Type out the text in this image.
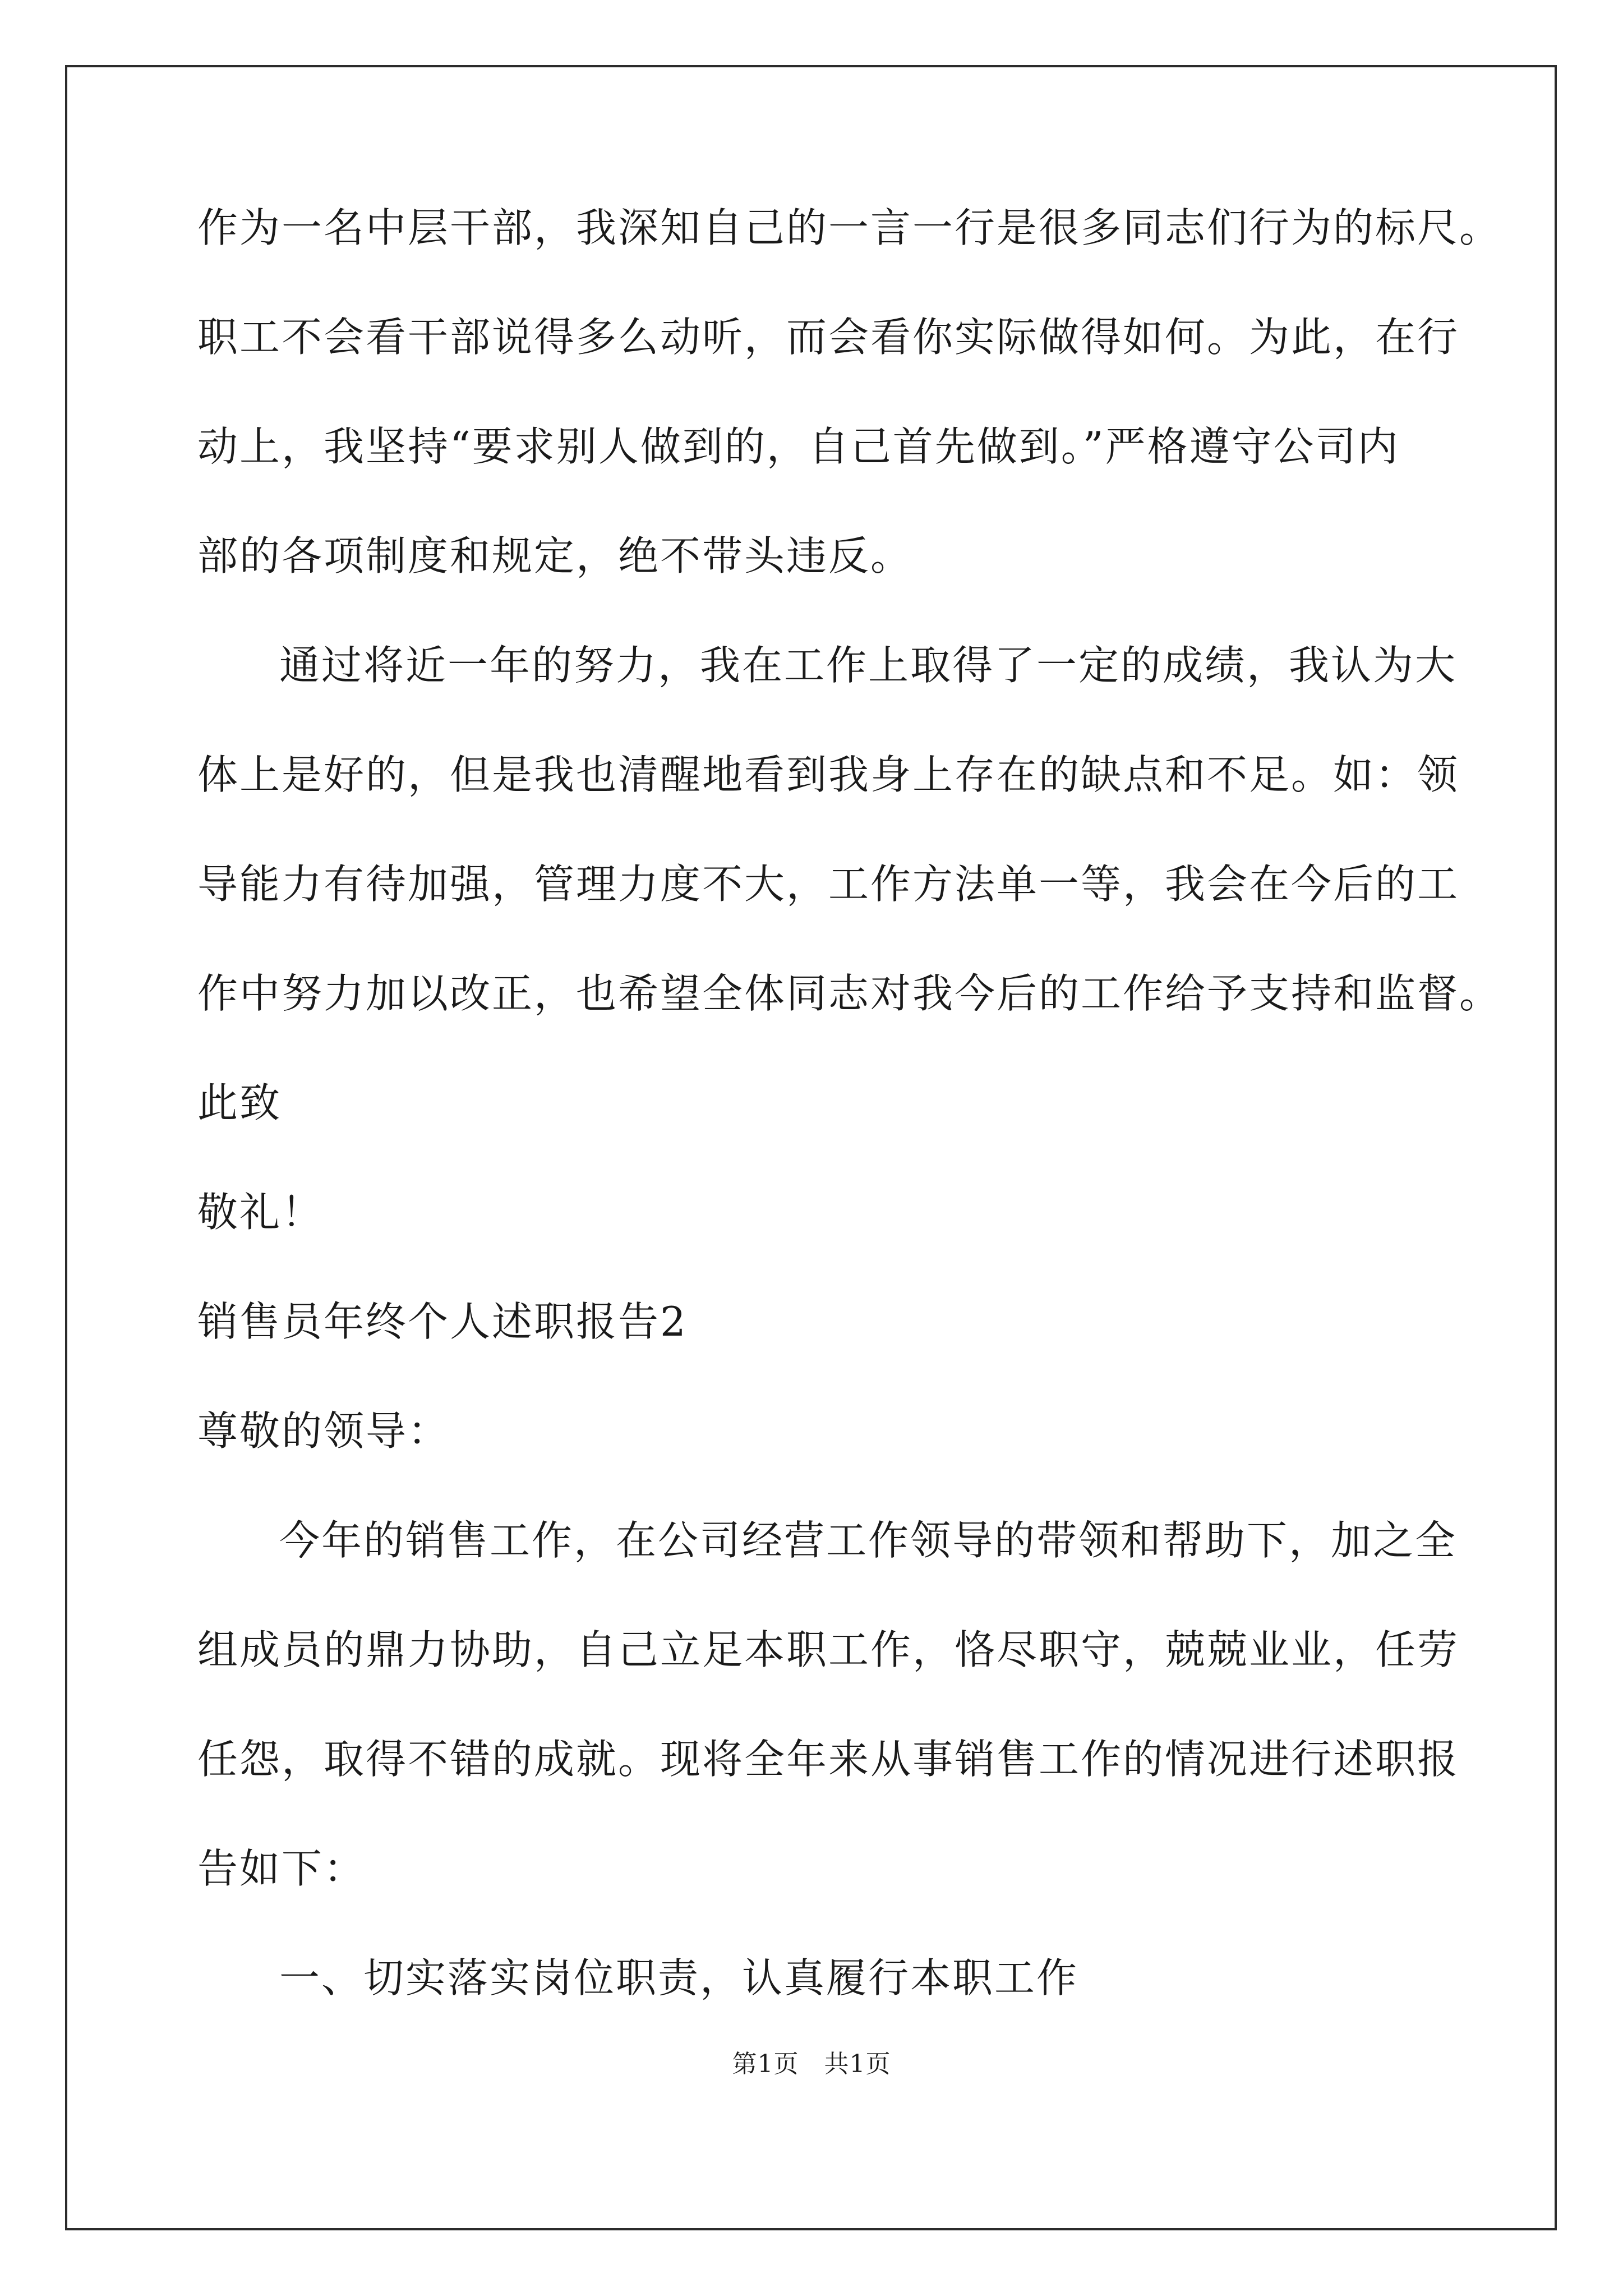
作为一名中层干部，我深知自己的一言一行是很多同志们行为的标尺。
职工不会看干部说得多么动听，而会看你实际做得如何。为此，在行
动上，我坚持“要求别人做到的，自己首先做到。”严格遵守公司内
部的各项制度和规定，绝不带头违反。
通过将近一年的努力，我在工作上取得了一定的成绩，我认为大
体上是好的，但是我也清醒地看到我身上存在的缺点和不足。如：领
导能力有待加强，管理力度不大，工作方法单一等，我会在今后的工
作中努力加以改正，也希望全体同志对我今后的工作给予支持和监督。
此致
敬礼！
销售员年终个人述职报告2
尊敬的领导：
今年的销售工作，在公司经营工作领导的带领和帮助下，加之全
组成员的鼎力协助，自己立足本职工作，恪尽职守，兢兢业业，任劳
任怨，取得不错的成就。现将全年来从事销售工作的情况进行述职报
告如下：
一、切实落实岗位职责，认真履行本职工作
第1页　共1页
